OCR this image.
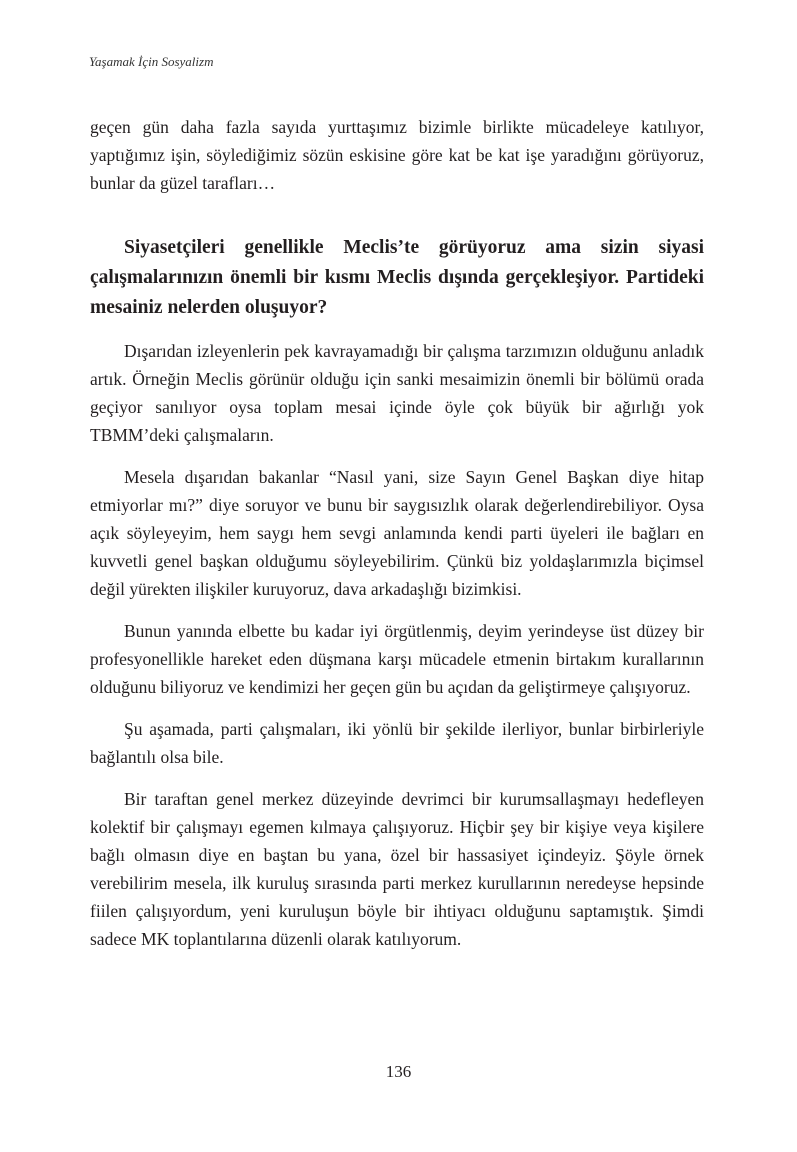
Yaşamak İçin Sosyalizm

geçen gün daha fazla sayıda yurttaşımız bizimle birlikte mücadeleye katılıyor, yaptığımız işin, söylediğimiz sözün eskisine göre kat be kat işe yaradığını görüyoruz, bunlar da güzel tarafları…

Siyasetçileri genellikle Meclis’te görüyoruz ama sizin siyasi çalışmalarınızın önemli bir kısmı Meclis dışında gerçekleşiyor. Partideki mesainiz nelerden oluşuyor?

Dışarıdan izleyenlerin pek kavrayamadığı bir çalışma tarzımızın olduğunu anladık artık. Örneğin Meclis görünür olduğu için sanki mesaimizin önemli bir bölümü orada geçiyor sanılıyor oysa toplam mesai içinde öyle çok büyük bir ağırlığı yok TBMM’deki çalışmaların.

Mesela dışarıdan bakanlar “Nasıl yani, size Sayın Genel Başkan diye hitap etmiyorlar mı?” diye soruyor ve bunu bir saygısızlık olarak değerlendirebiliyor. Oysa açık söyleyeyim, hem saygı hem sevgi anlamında kendi parti üyeleri ile bağları en kuvvetli genel başkan olduğumu söyleyebilirim. Çünkü biz yoldaşlarımızla biçimsel değil yürekten ilişkiler kuruyoruz, dava arkadaşlığı bizimkisi.

Bunun yanında elbette bu kadar iyi örgütlenmiş, deyim yerindeyse üst düzey bir profesyonellikle hareket eden düşmana karşı mücadele etmenin birtakım kurallarının olduğunu biliyoruz ve kendimizi her geçen gün bu açıdan da geliştirmeye çalışıyoruz.

Şu aşamada, parti çalışmaları, iki yönlü bir şekilde ilerliyor, bunlar birbirleriyle bağlantılı olsa bile.

Bir taraftan genel merkez düzeyinde devrimci bir kurumsallaşmayı hedefleyen kolektif bir çalışmayı egemen kılmaya çalışıyoruz. Hiçbir şey bir kişiye veya kişilere bağlı olmasın diye en baştan bu yana, özel bir hassasiyet içindeyiz. Şöyle örnek verebilirim mesela, ilk kuruluş sırasında parti merkez kurullarının neredeyse hepsinde fiilen çalışıyordum, yeni kuruluşun böyle bir ihtiyacı olduğunu saptamıştık. Şimdi sadece MK toplantılarına düzenli olarak katılıyorum.

136
